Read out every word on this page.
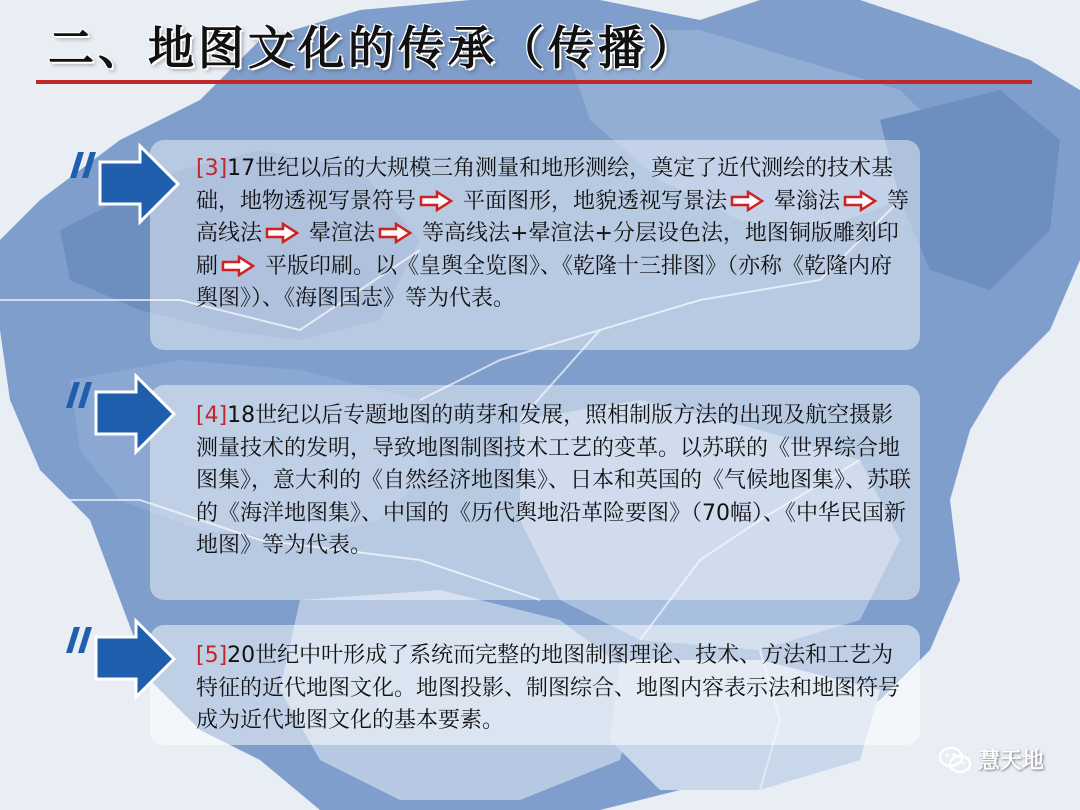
二、地图文化的传承（传播）
[3]17世纪以后的大规模三角测量和地形测绘，奠定了近代测绘的技术基础，地物透视写景符号 平面图形，地貌透视写景法 晕滃法 等高线法 晕渲法 等高线法+晕渲法+分层设色法，地图铜版雕刻印刷 平版印刷。以《皇舆全览图》、《乾隆十三排图》（亦称《乾隆内府舆图》）、《海图国志》等为代表。
[4]18世纪以后专题地图的萌芽和发展，照相制版方法的出现及航空摄影测量技术的发明，导致地图制图技术工艺的变革。以苏联的《世界综合地图集》，意大利的《自然经济地图集》、日本和英国的《气候地图集》、苏联的《海洋地图集》、中国的《历代舆地沿革险要图》（70幅）、《中华民国新地图》等为代表。
[5]20世纪中叶形成了系统而完整的地图制图理论、技术、方法和工艺为特征的近代地图文化。地图投影、制图综合、地图内容表示法和地图符号成为近代地图文化的基本要素。
慧天地
